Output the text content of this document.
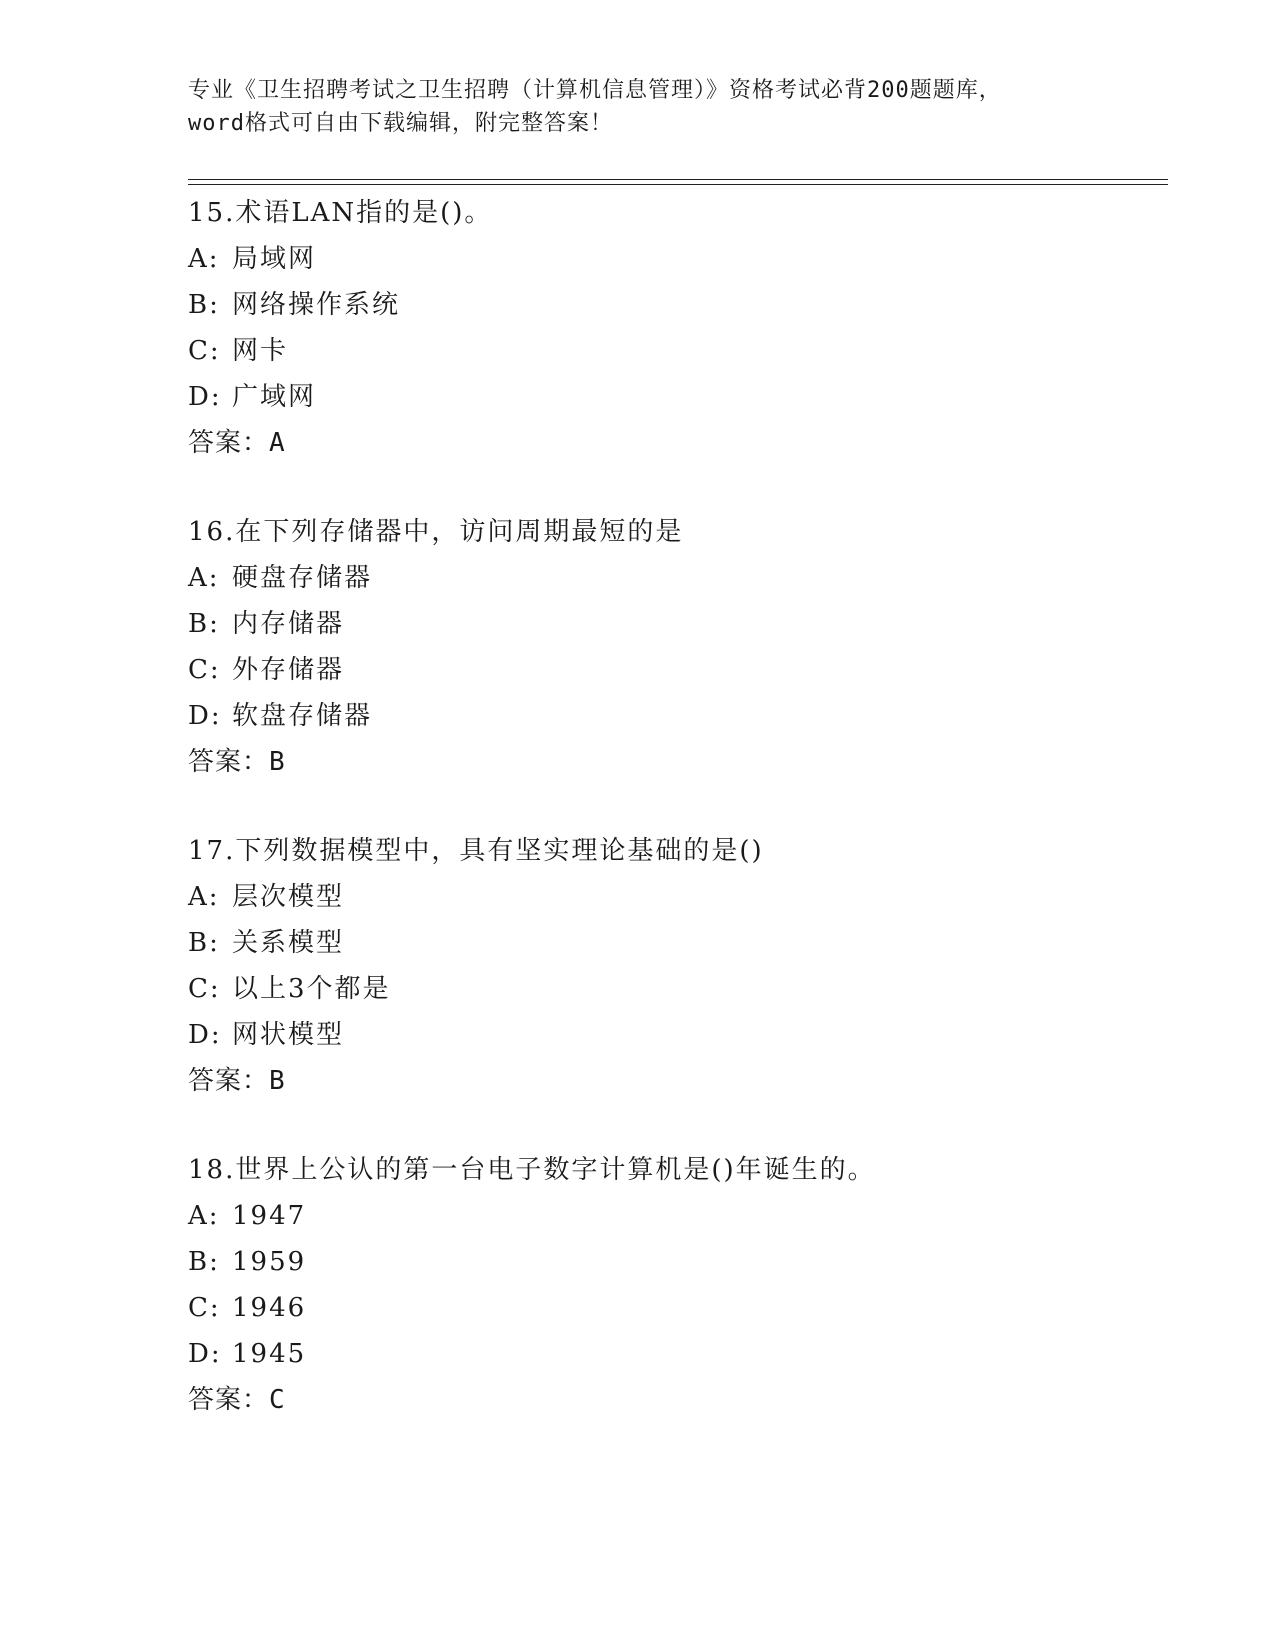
专业《卫生招聘考试之卫生招聘（计算机信息管理）》资格考试必背200题题库，
word格式可自由下载编辑，附完整答案！
15.术语LAN指的是()。
A: 局域网
B: 网络操作系统
C: 网卡
D: 广域网
答案：A
16.在下列存储器中，访问周期最短的是
A: 硬盘存储器
B: 内存储器
C: 外存储器
D: 软盘存储器
答案：B
17.下列数据模型中，具有坚实理论基础的是()
A: 层次模型
B: 关系模型
C: 以上3个都是
D: 网状模型
答案：B
18.世界上公认的第一台电子数字计算机是()年诞生的。
A: 1947
B: 1959
C: 1946
D: 1945
答案：C
